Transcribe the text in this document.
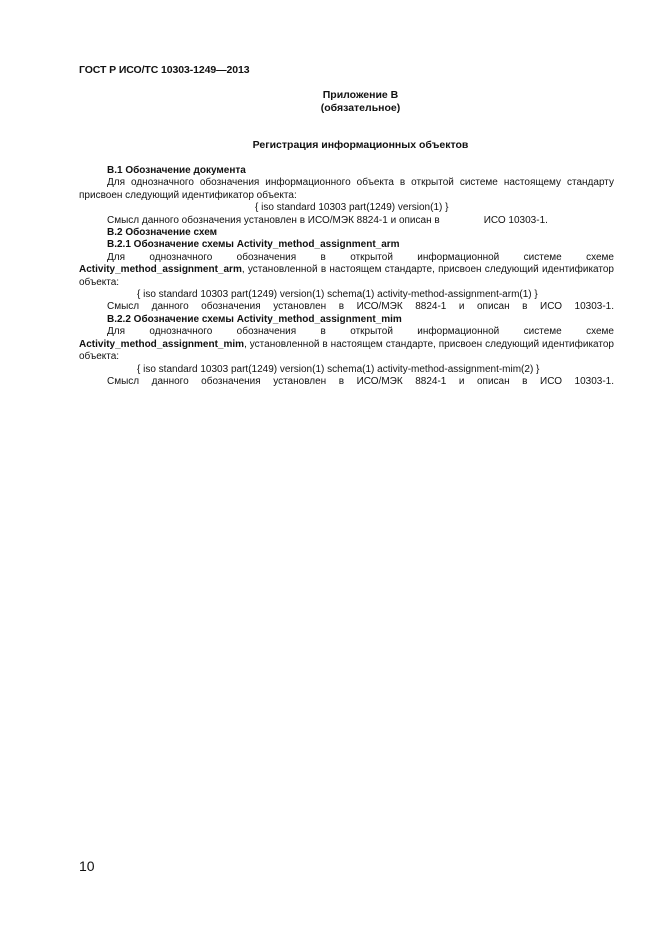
ГОСТ Р ИСО/ТС 10303-1249—2013
Приложение В
(обязательное)
Регистрация информационных объектов

В.1 Обозначение документа

Для однозначного обозначения информационного объекта в открытой системе настоящему стандарту присвоен следующий идентификатор объекта:

{ iso standard 10303 part(1249) version(1) }

Смысл данного обозначения установлен в ИСО/МЭК 8824-1 и описан в	ИСО 10303-1.

В.2 Обозначение схем

В.2.1 Обозначение схемы Activity_method_assignment_arm

Для однозначного обозначения в открытой информационной системе схеме Activity_method_assignment_arm, установленной в настоящем стандарте, присвоен следующий идентификатор объекта:

{ iso standard 10303 part(1249) version(1) schema(1) activity-method-assignment-arm(1) }

Смысл данного обозначения установлен в ИСО/МЭК 8824-1 и описан в ИСО 10303-1.

В.2.2 Обозначение схемы Activity_method_assignment_mim

Для однозначного обозначения в открытой информационной системе схеме Activity_method_assignment_mim, установленной в настоящем стандарте, присвоен следующий идентификатор объекта:

{ iso standard 10303 part(1249) version(1) schema(1) activity-method-assignment-mim(2) }

Смысл данного обозначения установлен в ИСО/МЭК 8824-1 и описан в ИСО 10303-1.

10
